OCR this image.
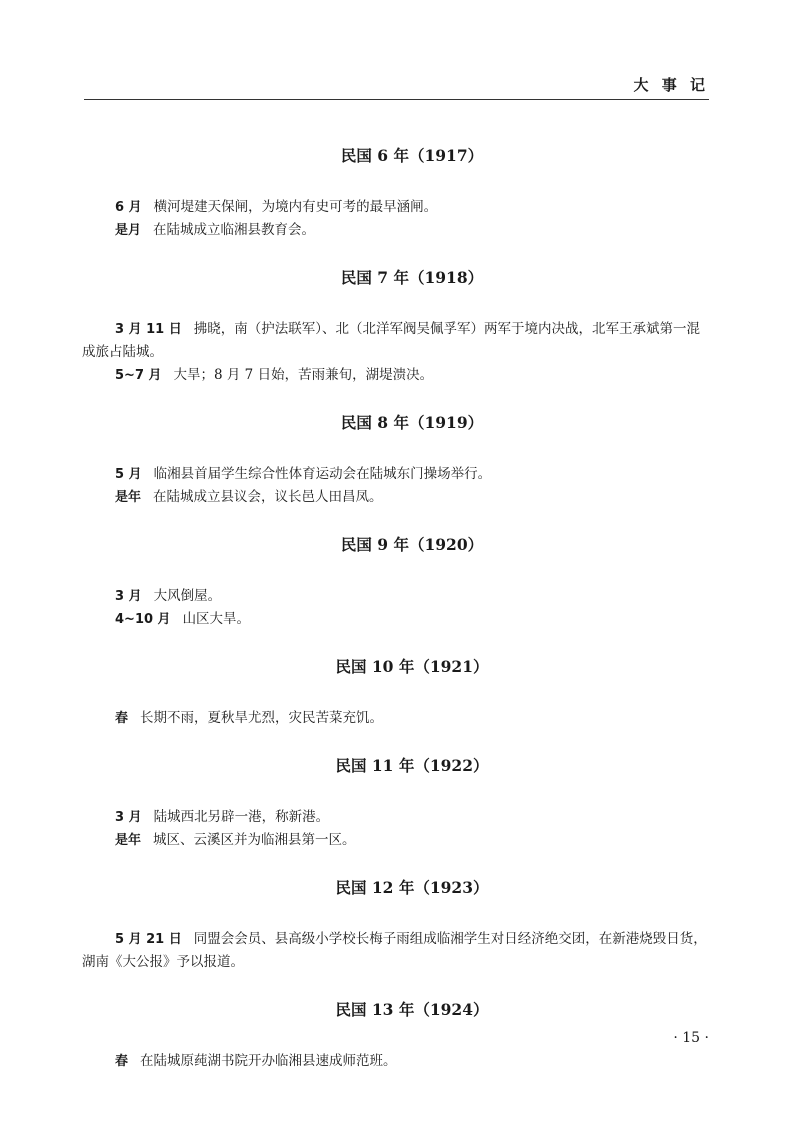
大 事 记
民国 6 年（1917）

6 月 横河堤建天保闸，为境内有史可考的最早涵闸。

是月 在陆城成立临湘县教育会。

民国 7 年（1918）

3 月 11 日 拂晓，南（护法联军）、北（北洋军阀吴佩孚军）两军于境内决战，北军王承斌第一混成旅占陆城。

5~7 月 大旱；8 月 7 日始，苦雨兼旬，湖堤溃决。

民国 8 年（1919）

5 月 临湘县首届学生综合性体育运动会在陆城东门操场举行。

是年 在陆城成立县议会，议长邑人田昌凤。

民国 9 年（1920）

3 月 大风倒屋。

4~10 月 山区大旱。

民国 10 年（1921）

春 长期不雨，夏秋旱尤烈，灾民苦菜充饥。

民国 11 年（1922）

3 月 陆城西北另辟一港，称新港。

是年 城区、云溪区并为临湘县第一区。

民国 12 年（1923）

5 月 21 日 同盟会会员、县高级小学校长梅子雨组成临湘学生对日经济绝交团，在新港烧毁日货，湖南《大公报》予以报道。

民国 13 年（1924）

春 在陆城原莼湖书院开办临湘县速成师范班。

· 15 ·
